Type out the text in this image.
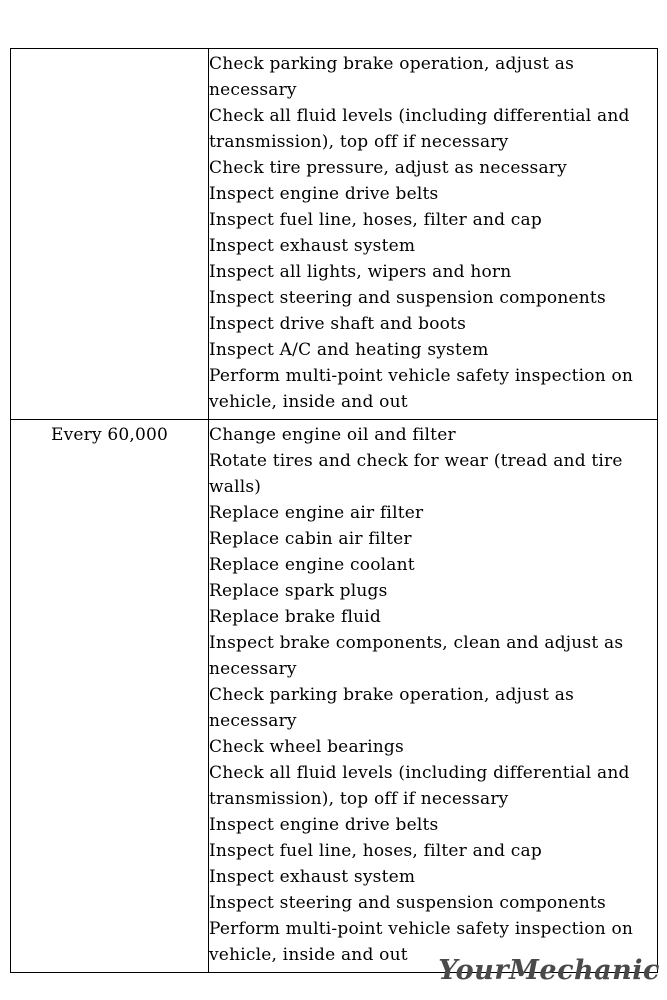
Check parking brake operation, adjust as necessary
Check all fluid levels (including differential and transmission), top off if necessary
Check tire pressure, adjust as necessary
Inspect engine drive belts
Inspect fuel line, hoses, filter and cap
Inspect exhaust system
Inspect all lights, wipers and horn
Inspect steering and suspension components
Inspect drive shaft and boots
Inspect A/C and heating system
Perform multi-point vehicle safety inspection on vehicle, inside and out

Every 60,000	Change engine oil and filter
Rotate tires and check for wear (tread and tire walls)
Replace engine air filter
Replace cabin air filter
Replace engine coolant
Replace spark plugs
Replace brake fluid
Inspect brake components, clean and adjust as necessary
Check parking brake operation, adjust as necessary
Check wheel bearings
Check all fluid levels (including differential and transmission), top off if necessary
Inspect engine drive belts
Inspect fuel line, hoses, filter and cap
Inspect exhaust system
Inspect steering and suspension components
Perform multi-point vehicle safety inspection on vehicle, inside and out	YourMechanic
